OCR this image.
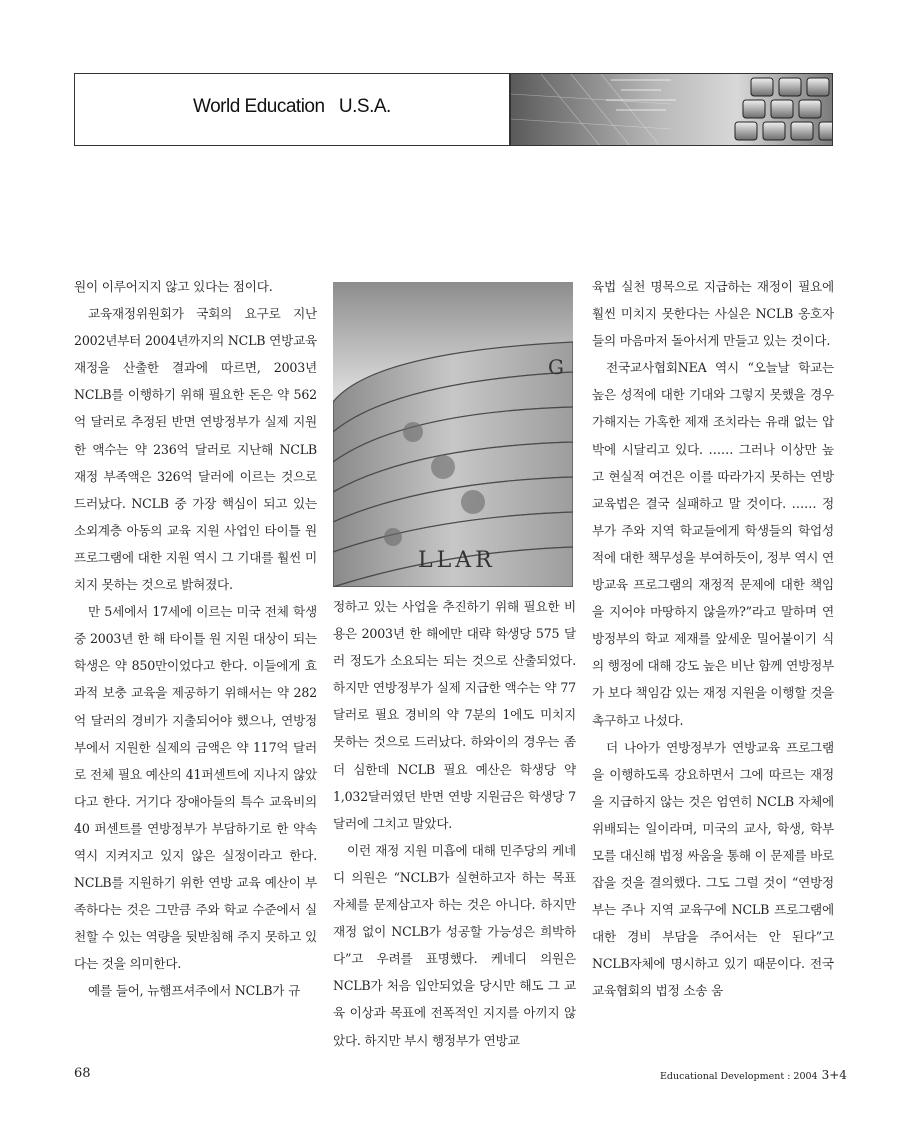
World Education   U.S.A.

원이 이루어지지 않고 있다는 점이다.

교육재정위원회가 국회의 요구로 지난 2002년부터 2004년까지의 NCLB 연방교육 재정을 산출한 결과에 따르면, 2003년 NCLB를 이행하기 위해 필요한 돈은 약 562억 달러로 추정된 반면 연방정부가 실제 지원한 액수는 약 236억 달러로 지난해 NCLB 재정 부족액은 326억 달러에 이르는 것으로 드러났다. NCLB 중 가장 핵심이 되고 있는 소외계층 아동의 교육 지원 사업인 타이틀 원 프로그램에 대한 지원 역시 그 기대를 훨씬 미치지 못하는 것으로 밝혀졌다.

만 5세에서 17세에 이르는 미국 전체 학생 중 2003년 한 해 타이틀 원 지원 대상이 되는 학생은 약 850만이었다고 한다. 이들에게 효과적 보충 교육을 제공하기 위해서는 약 282억 달러의 경비가 지출되어야 했으나, 연방정부에서 지원한 실제의 금액은 약 117억 달러로 전체 필요 예산의 41퍼센트에 지나지 않았다고 한다. 거기다 장애아들의 특수 교육비의 40 퍼센트를 연방정부가 부담하기로 한 약속 역시 지켜지고 있지 않은 실정이라고 한다. NCLB를 지원하기 위한 연방 교육 예산이 부족하다는 것은 그만큼 주와 학교 수준에서 실천할 수 있는 역량을 뒷받침해 주지 못하고 있다는 것을 의미한다.

예를 들어, 뉴햄프셔주에서 NCLB가 규

G
LLAR

정하고 있는 사업을 추진하기 위해 필요한 비용은 2003년 한 해에만 대략 학생당 575 달러 정도가 소요되는 되는 것으로 산출되었다. 하지만 연방정부가 실제 지급한 액수는 약 77달러로 필요 경비의 약 7분의 1에도 미치지 못하는 것으로 드러났다. 하와이의 경우는 좀더 심한데 NCLB 필요 예산은 학생당 약 1,032달러였던 반면 연방 지원금은 학생당 7달러에 그치고 말았다.

이런 재정 지원 미흡에 대해 민주당의 케네디 의원은 “NCLB가 실현하고자 하는 목표 자체를 문제삼고자 하는 것은 아니다. 하지만 재정 없이 NCLB가 성공할 가능성은 희박하다”고 우려를 표명했다. 케네디 의원은 NCLB가 처음 입안되었을 당시만 해도 그 교육 이상과 목표에 전폭적인 지지를 아끼지 않았다. 하지만 부시 행정부가 연방교

육법 실천 명목으로 지급하는 재정이 필요에 훨씬 미치지 못한다는 사실은 NCLB 옹호자들의 마음마저 돌아서게 만들고 있는 것이다.

전국교사협회NEA 역시 “오늘날 학교는 높은 성적에 대한 기대와 그렇지 못했을 경우 가해지는 가혹한 제재 조치라는 유래 없는 압박에 시달리고 있다. …… 그러나 이상만 높고 현실적 여건은 이를 따라가지 못하는 연방교육법은 결국 실패하고 말 것이다. …… 정부가 주와 지역 학교들에게 학생들의 학업성적에 대한 책무성을 부여하듯이, 정부 역시 연방교육 프로그램의 재정적 문제에 대한 책임을 지어야 마땅하지 않을까?”라고 말하며 연방정부의 학교 제재를 앞세운 밀어붙이기 식의 행정에 대해 강도 높은 비난 함께 연방정부가 보다 책임감 있는 재정 지원을 이행할 것을 촉구하고 나섰다.

더 나아가 연방정부가 연방교육 프로그램을 이행하도록 강요하면서 그에 따르는 재정을 지급하지 않는 것은 엄연히 NCLB 자체에 위배되는 일이라며, 미국의 교사, 학생, 학부모를 대신해 법정 싸움을 통해 이 문제를 바로잡을 것을 결의했다. 그도 그럴 것이 “연방정부는 주나 지역 교육구에 NCLB 프로그램에 대한 경비 부담을 주어서는 안 된다”고 NCLB자체에 명시하고 있기 때문이다. 전국교육협회의 법정 소송 움

68	Educational Development : 2004 3+4
